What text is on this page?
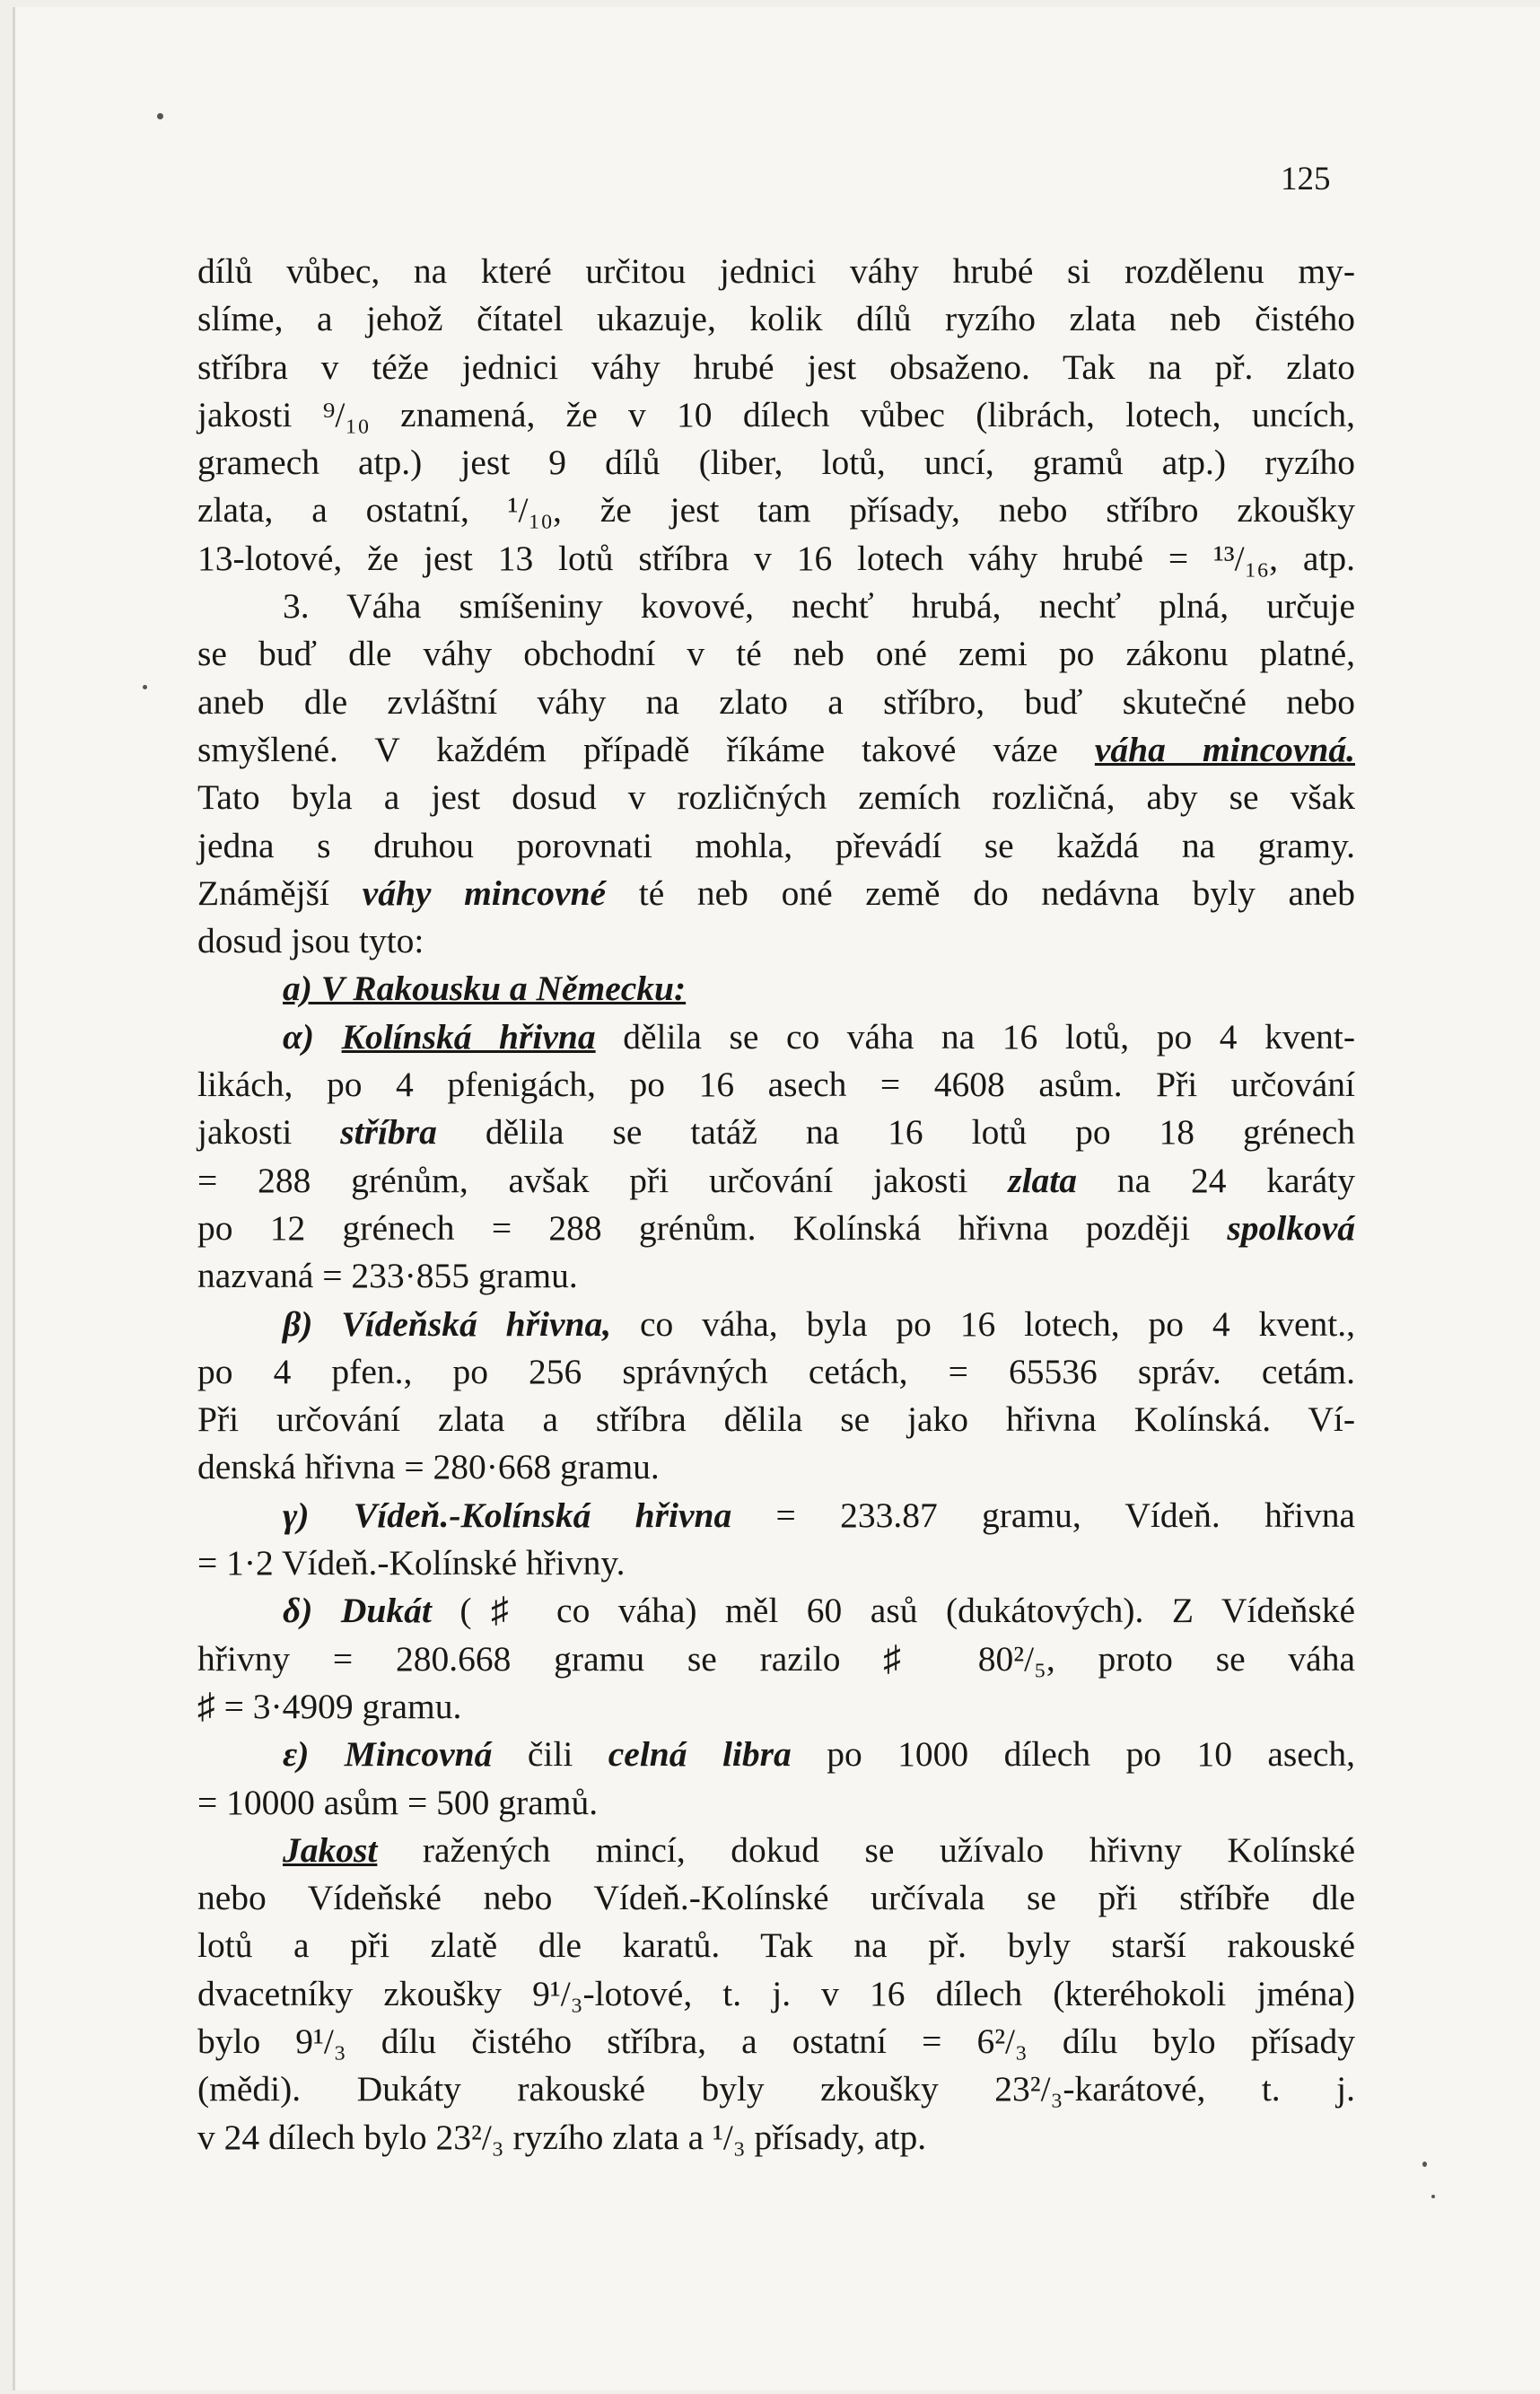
125
dílů vůbec, na které určitou jednici váhy hrubé si rozdělenu my-
slíme, a jehož čítatel ukazuje, kolik dílů ryzího zlata neb čistého
stříbra v téže jednici váhy hrubé jest obsaženo. Tak na př. zlato
jakosti ⁹/₁₀ znamená, že v 10 dílech vůbec (librách, lotech, uncích,
gramech atp.) jest 9 dílů (liber, lotů, uncí, gramů atp.) ryzího
zlata, a ostatní, ¹/₁₀, že jest tam přísady, nebo stříbro zkoušky
13-lotové, že jest 13 lotů stříbra v 16 lotech váhy hrubé = ¹³/₁₆, atp.
3. Váha smíšeniny kovové, nechť hrubá, nechť plná, určuje
se buď dle váhy obchodní v té neb oné zemi po zákonu platné,
aneb dle zvláštní váhy na zlato a stříbro, buď skutečné nebo
smyšlené. V každém případě říkáme takové váze váha mincovná.
Tato byla a jest dosud v rozličných zemích rozličná, aby se však
jedna s druhou porovnati mohla, převádí se každá na gramy.
Známější váhy mincovné té neb oné země do nedávna byly aneb
dosud jsou tyto:
a) V Rakousku a Německu:
α) Kolínská hřivna dělila se co váha na 16 lotů, po 4 kvent-
likách, po 4 pfenigách, po 16 asech = 4608 asům. Při určování
jakosti stříbra dělila se tatáž na 16 lotů po 18 grénech
= 288 grénům, avšak při určování jakosti zlata na 24 karáty
po 12 grénech = 288 grénům. Kolínská hřivna později spolková
nazvaná = 233·855 gramu.
β) Vídeňská hřivna, co váha, byla po 16 lotech, po 4 kvent.,
po 4 pfen., po 256 správných cetách, = 65536 správ. cetám.
Při určování zlata a stříbra dělila se jako hřivna Kolínská. Ví-
denská hřivna = 280·668 gramu.
γ) Vídeň.-Kolínská hřivna = 233.87 gramu, Vídeň. hřivna
= 1·2 Vídeň.-Kolínské hřivny.
δ) Dukát (♯ co váha) měl 60 asů (dukátových). Z Vídeňské
hřivny = 280.668 gramu se razilo ♯ 80²/₅, proto se váha
♯ = 3·4909 gramu.
ε) Mincovná čili celná libra po 1000 dílech po 10 asech,
= 10000 asům = 500 gramů.
Jakost ražených mincí, dokud se užívalo hřivny Kolínské
nebo Vídeňské nebo Vídeň.-Kolínské určívala se při stříbře dle
lotů a při zlatě dle karatů. Tak na př. byly starší rakouské
dvacetníky zkoušky 9¹/₃-lotové, t. j. v 16 dílech (kteréhokoli jména)
bylo 9¹/₃ dílu čistého stříbra, a ostatní = 6²/₃ dílu bylo přísady
(mědi). Dukáty rakouské byly zkoušky 23²/₃-karátové, t. j.
v 24 dílech bylo 23²/₃ ryzího zlata a ¹/₃ přísady, atp.
